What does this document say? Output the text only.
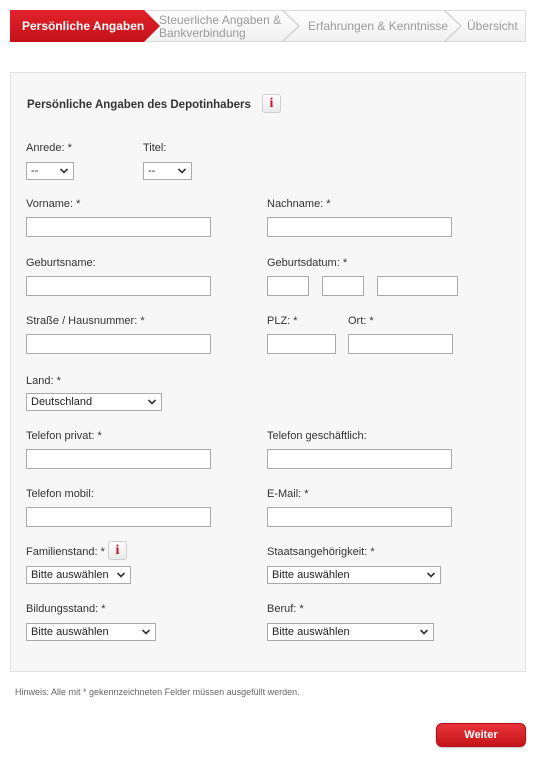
Persönliche Angaben Steuerliche Angaben &
Bankverbindung	Erfahrungen & Kenntnisse Übersicht
Persönliche Angaben des Depotinhabers	i
Anrede: *
--
Titel:
--
Vorname: *	Nachname: *
Geburtsname:	Geburtsdatum: *
Straße / Hausnummer: *	PLZ: *	Ort: *
Land: *
Deutschland
Telefon privat: *	Telefon geschäftlich:
Telefon mobil:	E-Mail: *
Familienstand: * i
Bitte auswählen
Staatsangehörigkeit: *
Bitte auswählen
Bildungsstand: *
Bitte auswählen
Beruf: *
Bitte auswählen
Hinweis: Alle mit * gekennzeichneten Felder müssen ausgefüllt werden.
Weiter
